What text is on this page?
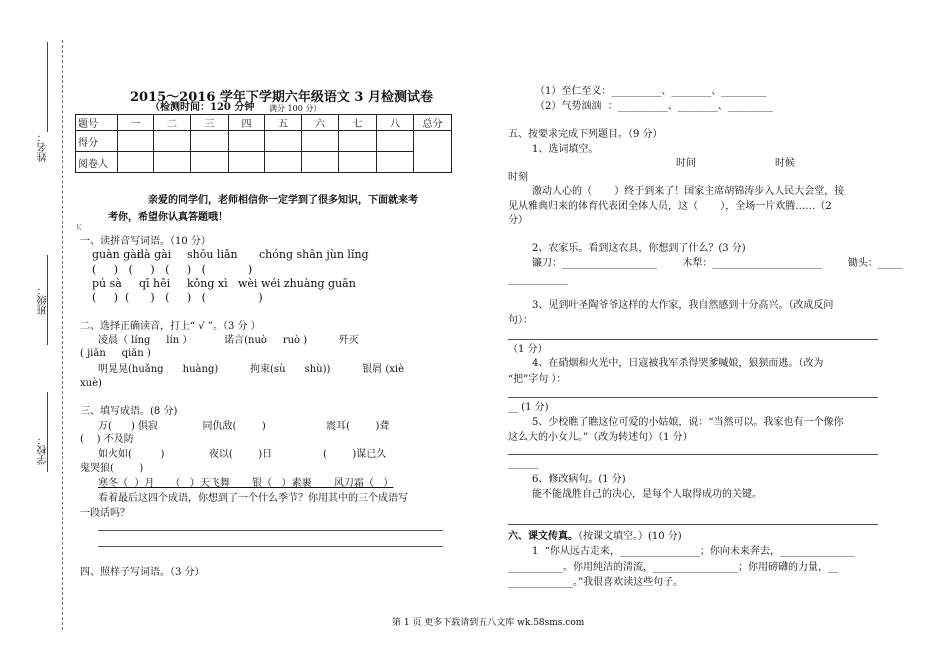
姓名：
班级：
学校：
2015～2016 学年下学期六年级语文 3 月检测试卷
（检测时间：120 分钟 满分 100 分）
题号	一	二	三	四	五	六	七	八	总分
得分									
阅卷人									
亲爱的同学们，老师相信你一定学到了很多知识，下面就来考
考你，希望你认真答题哦！
K
一、读拼音写词语。（10 分）
guàn gài
dà gài shōu liǎn chóng shān jùn lǐng
(     )   (     )   (     )   (            )
pú sà qī hēi kǒng xì wèi wéi zhuàng guān
(     )  (      )   (     )   (               )
二、选择正确读音，打上“ √ ”。（3 分 ）
凌晨（ líng     lín ）          诺言(nuò     ruò )          歼灭
( jiān     qiān )
明晃晃(huǎng      huàng)          拘束(sù      shù))          银屑 (xiè
xuè)
三、填写成语。(8 分)
万(      ) 俱寂              同仇敌(        )                   震耳(        )聋
(    ) 不及防
如火如(         )              夜以(        )日                (        )谋已久
鬼哭狼(        )
寒冬（  ）月     （   ）天飞舞       银（   ）素裹       风刀霜（   ）
看着最后这四个成语，你想到了一个什么季节？你用其中的三个成语写
一段话吗？
四、照样子写词语。（3 分）
（1）至仁至义：__________、________、_________
（2）气势汹汹  ：__________、________、_________
五、按要求完成下列题目。（9 分）
1、选词填空。
时间	时候
时刻
激动人心的（       ）终于到来了！国家主席胡锦涛步入人民大会堂，接
见从雅典归来的体育代表团全体人员，这（       ），全场一片欢腾……（2
分）
2、农家乐。看到这农具，你想到了什么？(3 分)
镰刀：___________________        木犁：______________________        锄头：_____
____________
3、见到叶圣陶爷爷这样的大作家，我自然感到十分高兴。（改成反问
句）：
（1 分）
4、在硝烟和火光中，日寇被我军杀得哭爹喊娘，狼狈而逃。（改为
“把”字句 ）：
__ (1 分)
5、少校瞧了瞧这位可爱的小姑娘，说：“当然可以。我家也有一个像你
这么大的小女儿。”（改为转述句）（1 分）
______
6、修改病句。(1 分)
能不能战胜自己的决心，是每个人取得成功的关键。
六、课文传真。（按课文填空。）(10 分)
1  “你从远古走来，________________；你向未来奔去，_______________
___________。你用纯洁的清流，_________________；你用磅礴的力量，__
_____________。”我很喜欢读这些句子。
第 1 页 更多下载请到五八文库 wk.58sms.com
